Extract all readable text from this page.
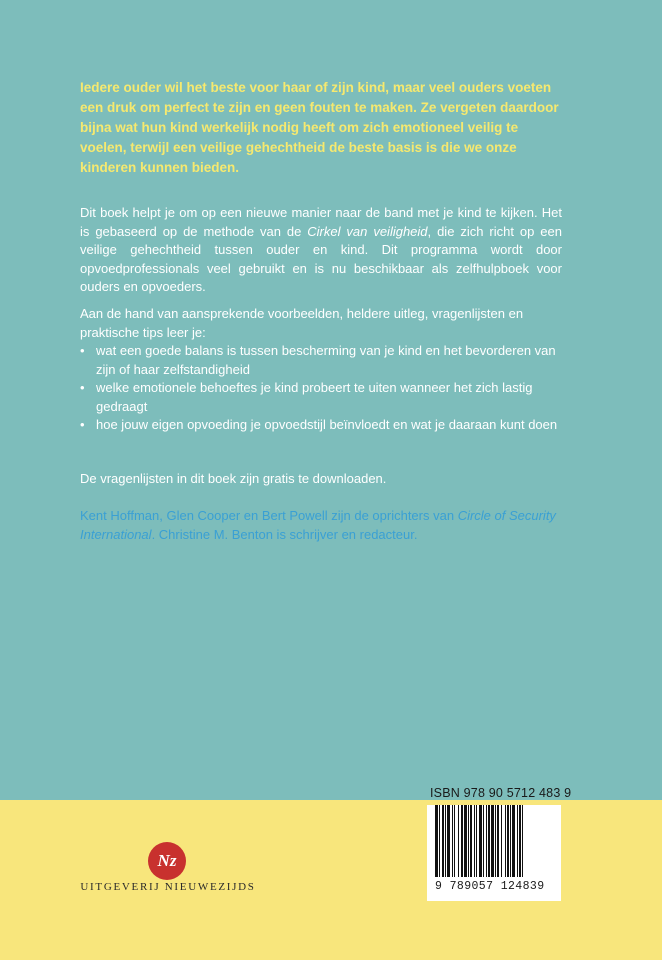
Iedere ouder wil het beste voor haar of zijn kind, maar veel ouders voeten een druk om perfect te zijn en geen fouten te maken. Ze vergeten daardoor bijna wat hun kind werkelijk nodig heeft om zich emotioneel veilig te voelen, terwijl een veilige gehechtheid de beste basis is die we onze kinderen kunnen bieden.
Dit boek helpt je om op een nieuwe manier naar de band met je kind te kijken. Het is gebaseerd op de methode van de Cirkel van veiligheid, die zich richt op een veilige gehechtheid tussen ouder en kind. Dit programma wordt door opvoedprofessionals veel gebruikt en is nu beschikbaar als zelfhulpboek voor ouders en opvoeders.
Aan de hand van aansprekende voorbeelden, heldere uitleg, vragenlijsten en praktische tips leer je:
• wat een goede balans is tussen bescherming van je kind en het bevorderen van zijn of haar zelfstandigheid
• welke emotionele behoeftes je kind probeert te uiten wanneer het zich lastig gedraagt
• hoe jouw eigen opvoeding je opvoedstijl beïnvloedt en wat je daaraan kunt doen
De vragenlijsten in dit boek zijn gratis te downloaden.
Kent Hoffman, Glen Cooper en Bert Powell zijn de oprichters van Circle of Security International. Christine M. Benton is schrijver en redacteur.
Nz
UITGEVERIJ NIEUWEZIJDS
ISBN 978 90 5712 483 9
9 789057 124839
